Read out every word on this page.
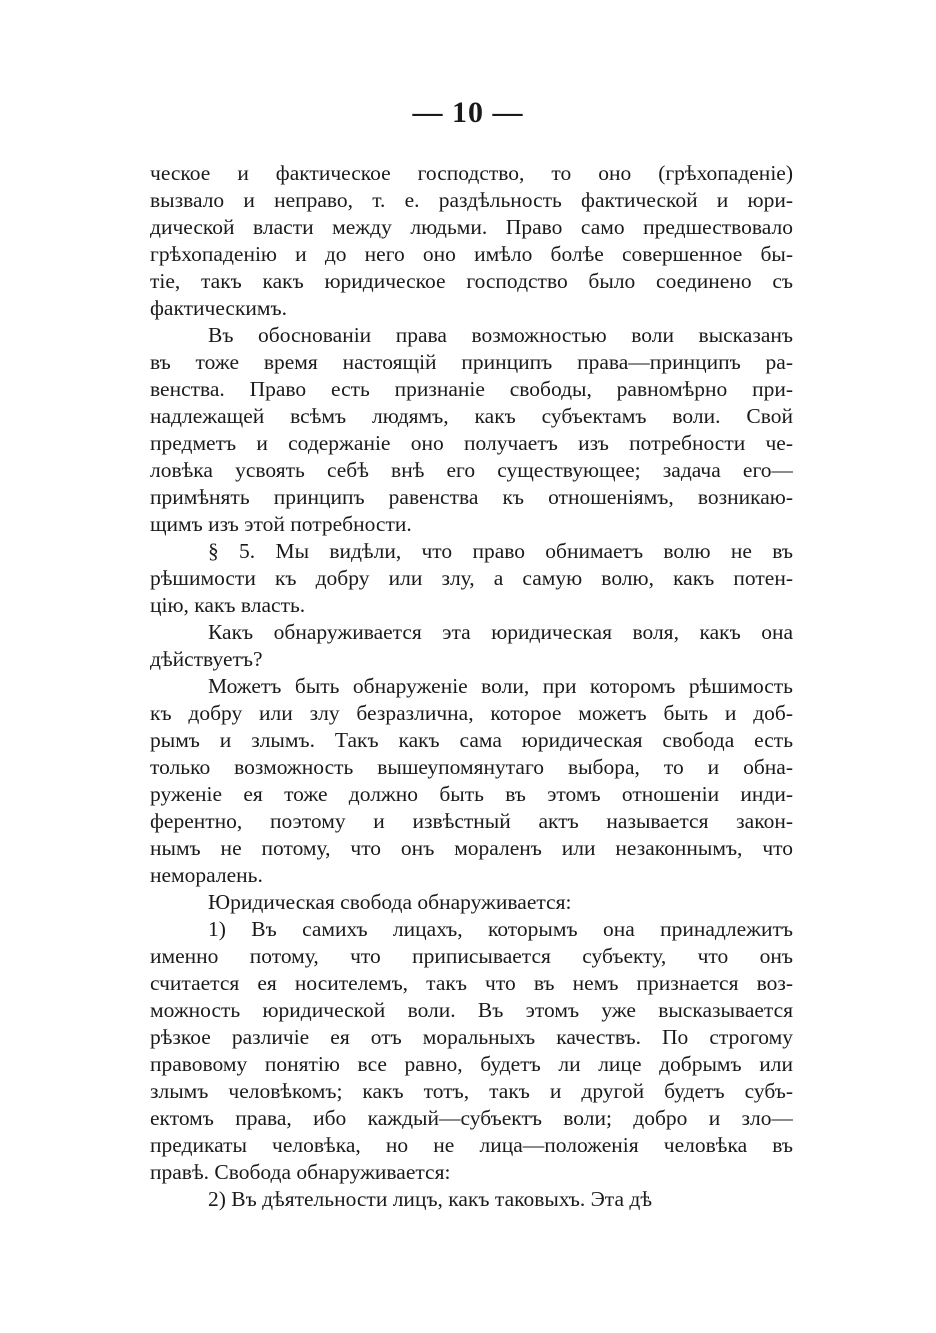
— 10 —
ческое и фактическое господство, то оно (грѣхопаденіе)
вызвало и неправо, т. е. раздѣльность фактической и юри-
дической власти между людьми. Право само предшествовало
грѣхопаденію и до него оно имѣло болѣе совершенное бы-
тіе, такъ какъ юридическое господство было соединено съ
фактическимъ.
Въ обоснованіи права возможностью воли высказанъ
въ тоже время настоящій принципъ права—принципъ ра-
венства. Право есть признаніе свободы, равномѣрно при-
надлежащей всѣмъ людямъ, какъ субъектамъ воли. Свой
предметъ и содержаніе оно получаетъ изъ потребности че-
ловѣка усвоять себѣ внѣ его существующее; задача его—
примѣнять принципъ равенства къ отношеніямъ, возникаю-
щимъ изъ этой потребности.
§ 5. Мы видѣли, что право обнимаетъ волю не въ
рѣшимости къ добру или злу, а самую волю, какъ потен-
цію, какъ власть.
Какъ обнаруживается эта юридическая воля, какъ она
дѣйствуетъ?
Можетъ быть обнаруженіе воли, при которомъ рѣшимость
къ добру или злу безразлична, которое можетъ быть и доб-
рымъ и злымъ. Такъ какъ сама юридическая свобода есть
только возможность вышеупомянутаго выбора, то и обна-
руженіе ея тоже должно быть въ этомъ отношеніи инди-
ферентно, поэтому и извѣстный актъ называется закон-
нымъ не потому, что онъ мораленъ или незаконнымъ, что
неморалень.
Юридическая свобода обнаруживается:
1) Въ самихъ лицахъ, которымъ она принадлежитъ
именно потому, что приписывается субъекту, что онъ
считается ея носителемъ, такъ что въ немъ признается воз-
можность юридической воли. Въ этомъ уже высказывается
рѣзкое различіе ея отъ моральныхъ качествъ. По строгому
правовому понятію все равно, будетъ ли лице добрымъ или
злымъ человѣкомъ; какъ тотъ, такъ и другой будетъ субъ-
ектомъ права, ибо каждый—субъектъ воли; добро и зло—
предикаты человѣка, но не лица—положенія человѣка въ
правѣ. Свобода обнаруживается:
2) Въ дѣятельности лицъ, какъ таковыхъ. Эта дѣ
